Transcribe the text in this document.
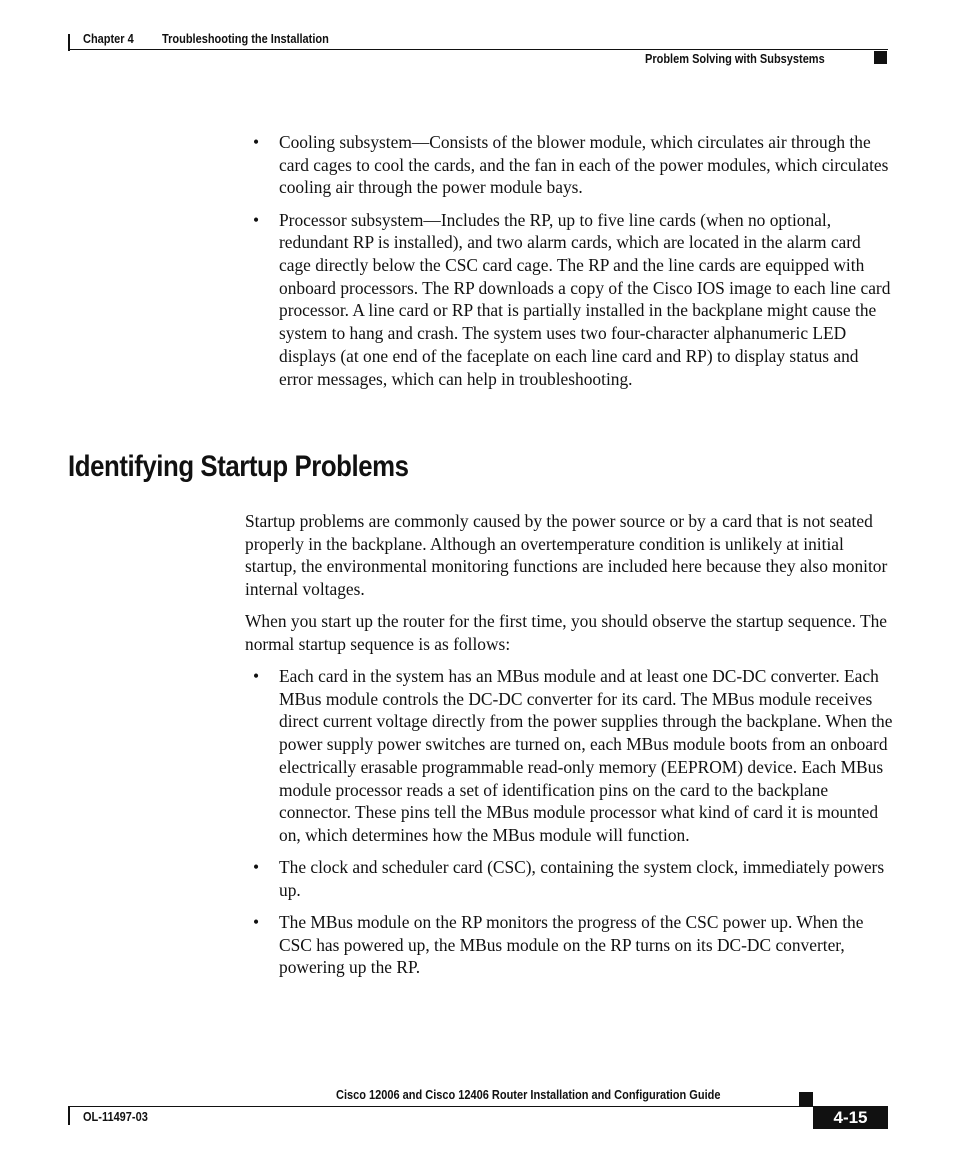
Chapter 4 Troubleshooting the Installation
Problem Solving with Subsystems
• Cooling subsystem—Consists of the blower module, which circulates air through the card cages to cool the cards, and the fan in each of the power modules, which circulates cooling air through the power module bays.
• Processor subsystem—Includes the RP, up to five line cards (when no optional, redundant RP is installed), and two alarm cards, which are located in the alarm card cage directly below the CSC card cage. The RP and the line cards are equipped with onboard processors. The RP downloads a copy of the Cisco IOS image to each line card processor. A line card or RP that is partially installed in the backplane might cause the system to hang and crash. The system uses two four-character alphanumeric LED displays (at one end of the faceplate on each line card and RP) to display status and error messages, which can help in troubleshooting.
Identifying Startup Problems

Startup problems are commonly caused by the power source or by a card that is not seated properly in the backplane. Although an overtemperature condition is unlikely at initial startup, the environmental monitoring functions are included here because they also monitor internal voltages.

When you start up the router for the first time, you should observe the startup sequence. The normal startup sequence is as follows:

• Each card in the system has an MBus module and at least one DC-DC converter. Each MBus module controls the DC-DC converter for its card. The MBus module receives direct current voltage directly from the power supplies through the backplane. When the power supply power switches are turned on, each MBus module boots from an onboard electrically erasable programmable read-only memory (EEPROM) device. Each MBus module processor reads a set of identification pins on the card to the backplane connector. These pins tell the MBus module processor what kind of card it is mounted on, which determines how the MBus module will function.
• The clock and scheduler card (CSC), containing the system clock, immediately powers up.
• The MBus module on the RP monitors the progress of the CSC power up. When the CSC has powered up, the MBus module on the RP turns on its DC-DC converter, powering up the RP.
Cisco 12006 and Cisco 12406 Router Installation and Configuration Guide
OL-11497-03	4-15
